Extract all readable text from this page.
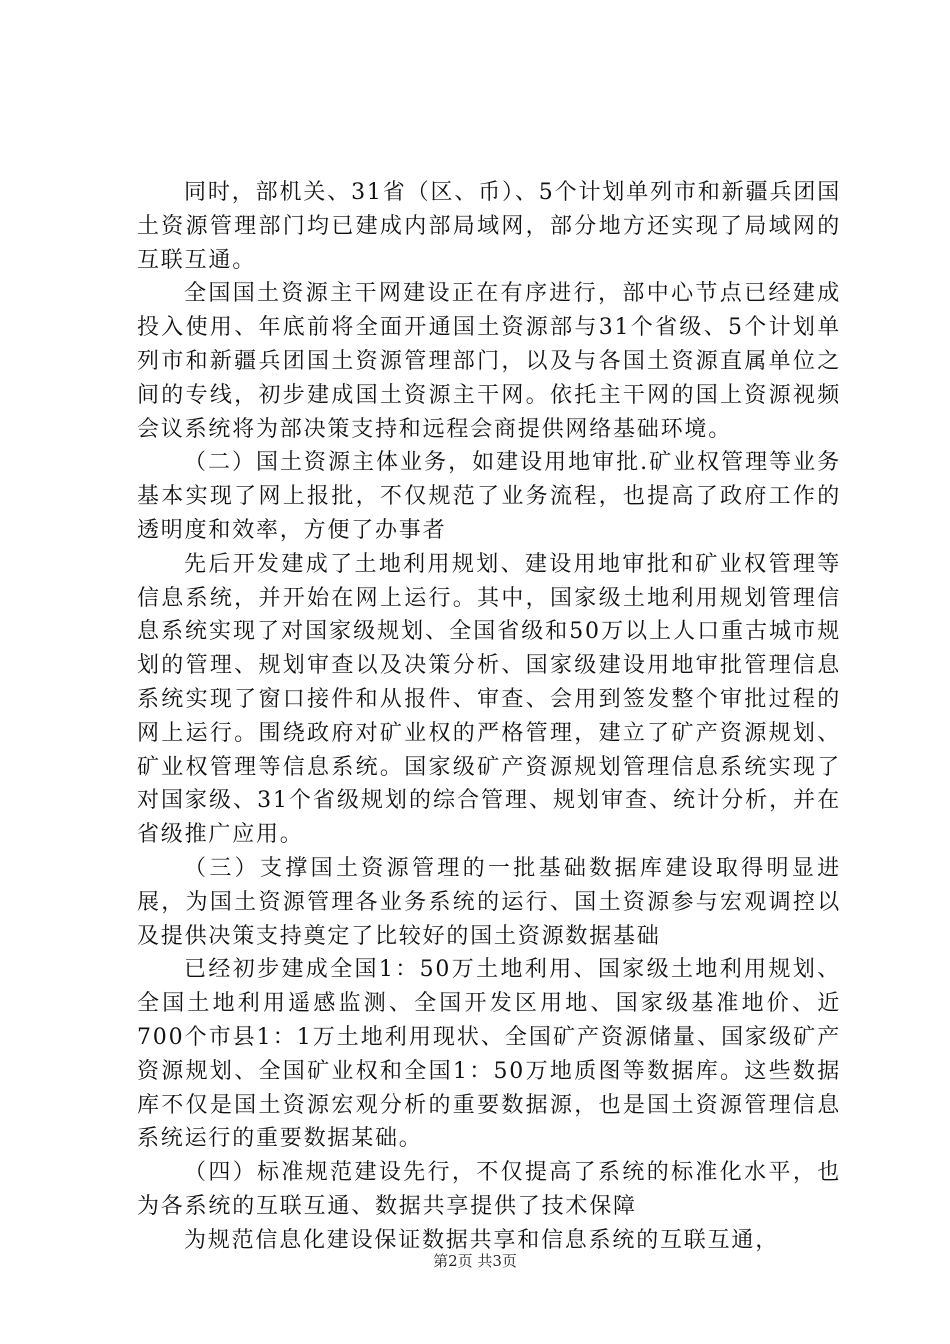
同时，部机关、31省（区、币）、5个计划单列市和新疆兵团国土资源管理部门均已建成内部局域网，部分地方还实现了局域网的互联互通。

全国国土资源主干网建设正在有序进行，部中心节点已经建成投入使用、年底前将全面开通国土资源部与31个省级、5个计划单列市和新疆兵团国土资源管理部门，以及与各国土资源直属单位之间的专线，初步建成国土资源主干网。依托主干网的国上资源视频会议系统将为部决策支持和远程会商提供网络基础环境。

（二）国土资源主体业务，如建设用地审批.矿业权管理等业务基本实现了网上报批，不仅规范了业务流程，也提高了政府工作的透明度和效率，方便了办事者

先后开发建成了土地利用规划、建设用地审批和矿业权管理等信息系统，并开始在网上运行。其中，国家级土地利用规划管理信息系统实现了对国家级规划、全国省级和50万以上人口重古城市规划的管理、规划审查以及决策分析、国家级建设用地审批管理信息系统实现了窗口接件和从报件、审查、会用到签发整个审批过程的网上运行。围绕政府对矿业权的严格管理，建立了矿产资源规划、矿业权管理等信息系统。国家级矿产资源规划管理信息系统实现了对国家级、31个省级规划的综合管理、规划审查、统计分析，并在省级推广应用。

（三）支撑国土资源管理的一批基础数据库建设取得明显进展，为国土资源管理各业务系统的运行、国土资源参与宏观调控以及提供决策支持奠定了比较好的国土资源数据基础

已经初步建成全国1：50万土地利用、国家级土地利用规划、全国土地利用遥感监测、全国开发区用地、国家级基准地价、近700个市县1：1万土地利用现状、全国矿产资源储量、国家级矿产资源规划、全国矿业权和全国1：50万地质图等数据库。这些数据库不仅是国土资源宏观分析的重要数据源，也是国土资源管理信息系统运行的重要数据某础。

（四）标准规范建设先行，不仅提高了系统的标准化水平，也为各系统的互联互通、数据共享提供了技术保障

为规范信息化建设保证数据共享和信息系统的互联互通，

第2页 共3页
